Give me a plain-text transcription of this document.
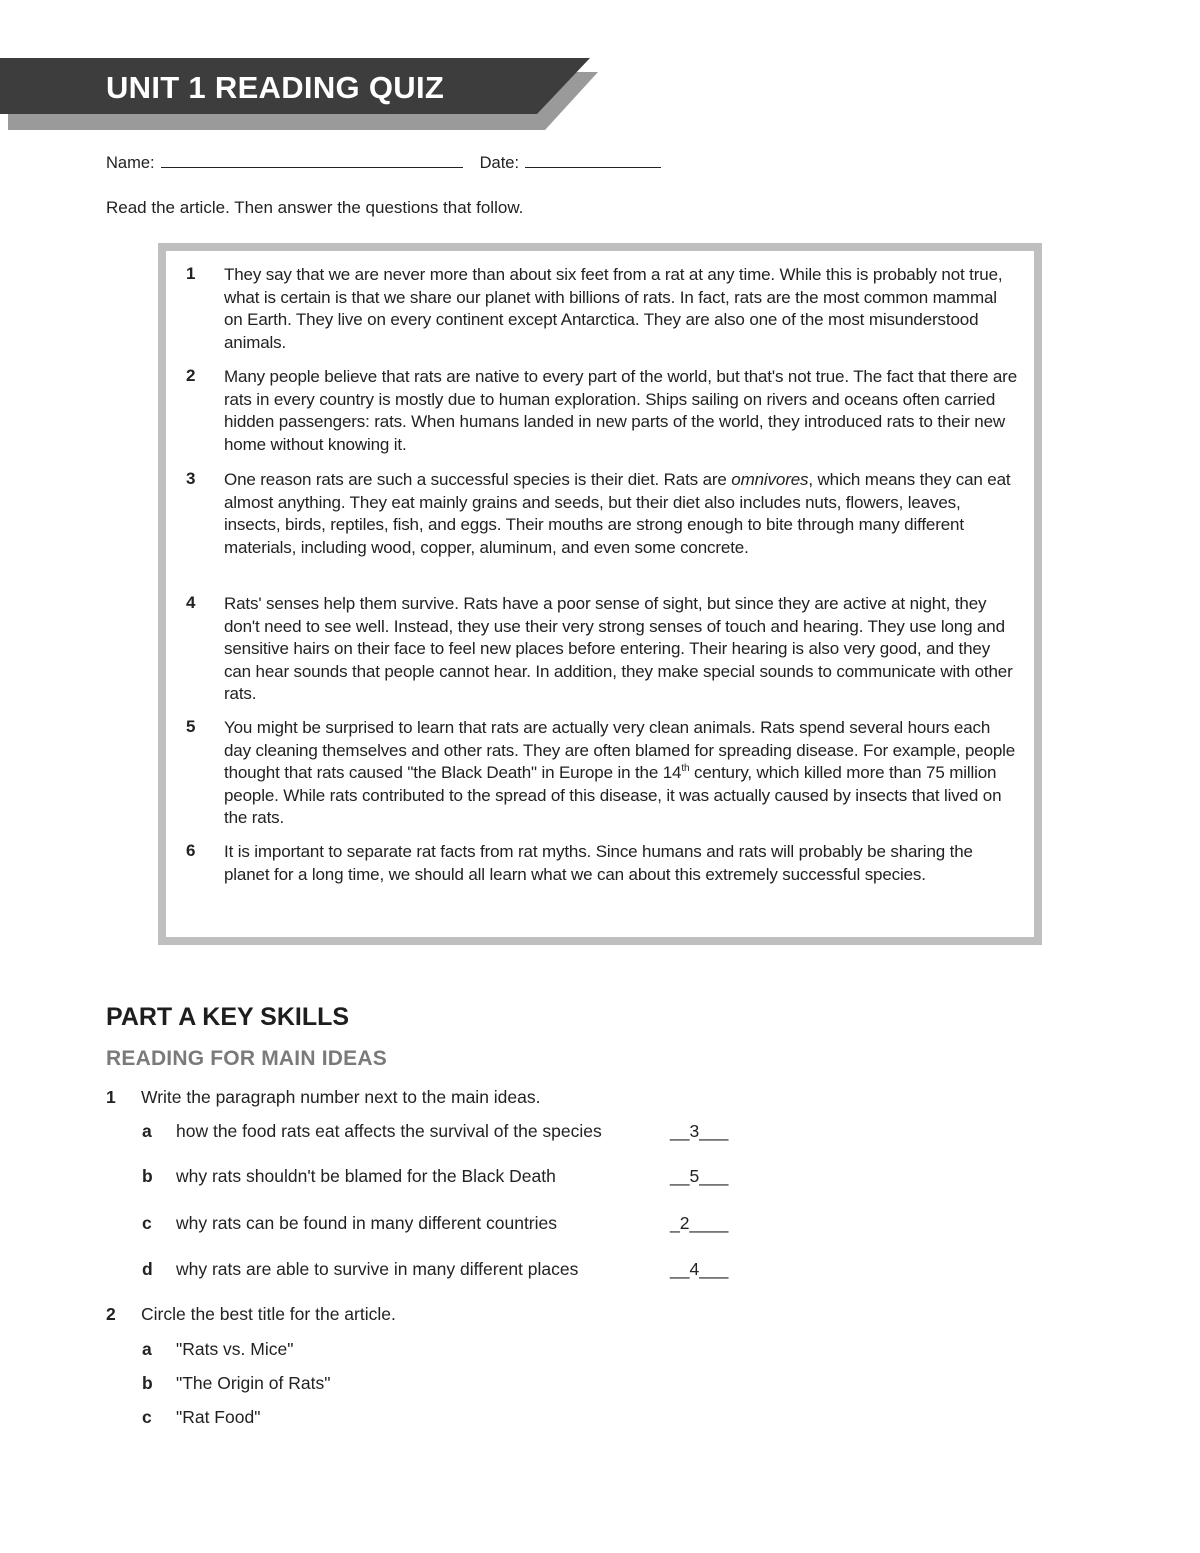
UNIT 1 READING QUIZ
Name:	Date:
Read the article. Then answer the questions that follow.
1 They say that we are never more than about six feet from a rat at any time. While this is probably not true, what is certain is that we share our planet with billions of rats. In fact, rats are the most common mammal on Earth. They live on every continent except Antarctica. They are also one of the most misunderstood animals.
2 Many people believe that rats are native to every part of the world, but that's not true. The fact that there are rats in every country is mostly due to human exploration. Ships sailing on rivers and oceans often carried hidden passengers: rats. When humans landed in new parts of the world, they introduced rats to their new home without knowing it.
3 One reason rats are such a successful species is their diet. Rats are omnivores, which means they can eat almost anything. They eat mainly grains and seeds, but their diet also includes nuts, flowers, leaves, insects, birds, reptiles, fish, and eggs. Their mouths are strong enough to bite through many different materials, including wood, copper, aluminum, and even some concrete.
4 Rats' senses help them survive. Rats have a poor sense of sight, but since they are active at night, they don't need to see well. Instead, they use their very strong senses of touch and hearing. They use long and sensitive hairs on their face to feel new places before entering. Their hearing is also very good, and they can hear sounds that people cannot hear. In addition, they make special sounds to communicate with other rats.
5 You might be surprised to learn that rats are actually very clean animals. Rats spend several hours each day cleaning themselves and other rats. They are often blamed for spreading disease. For example, people thought that rats caused "the Black Death" in Europe in the 14th century, which killed more than 75 million people. While rats contributed to the spread of this disease, it was actually caused by insects that lived on the rats.
6 It is important to separate rat facts from rat myths. Since humans and rats will probably be sharing the planet for a long time, we should all learn what we can about this extremely successful species.
PART A KEY SKILLS
READING FOR MAIN IDEAS
1 Write the paragraph number next to the main ideas.
a how the food rats eat affects the survival of the species	__3___
b why rats shouldn't be blamed for the Black Death	__5___
c why rats can be found in many different countries	_2____
d why rats are able to survive in many different places	__4___
2 Circle the best title for the article.
a "Rats vs. Mice"
b "The Origin of Rats"
c "Rat Food"
